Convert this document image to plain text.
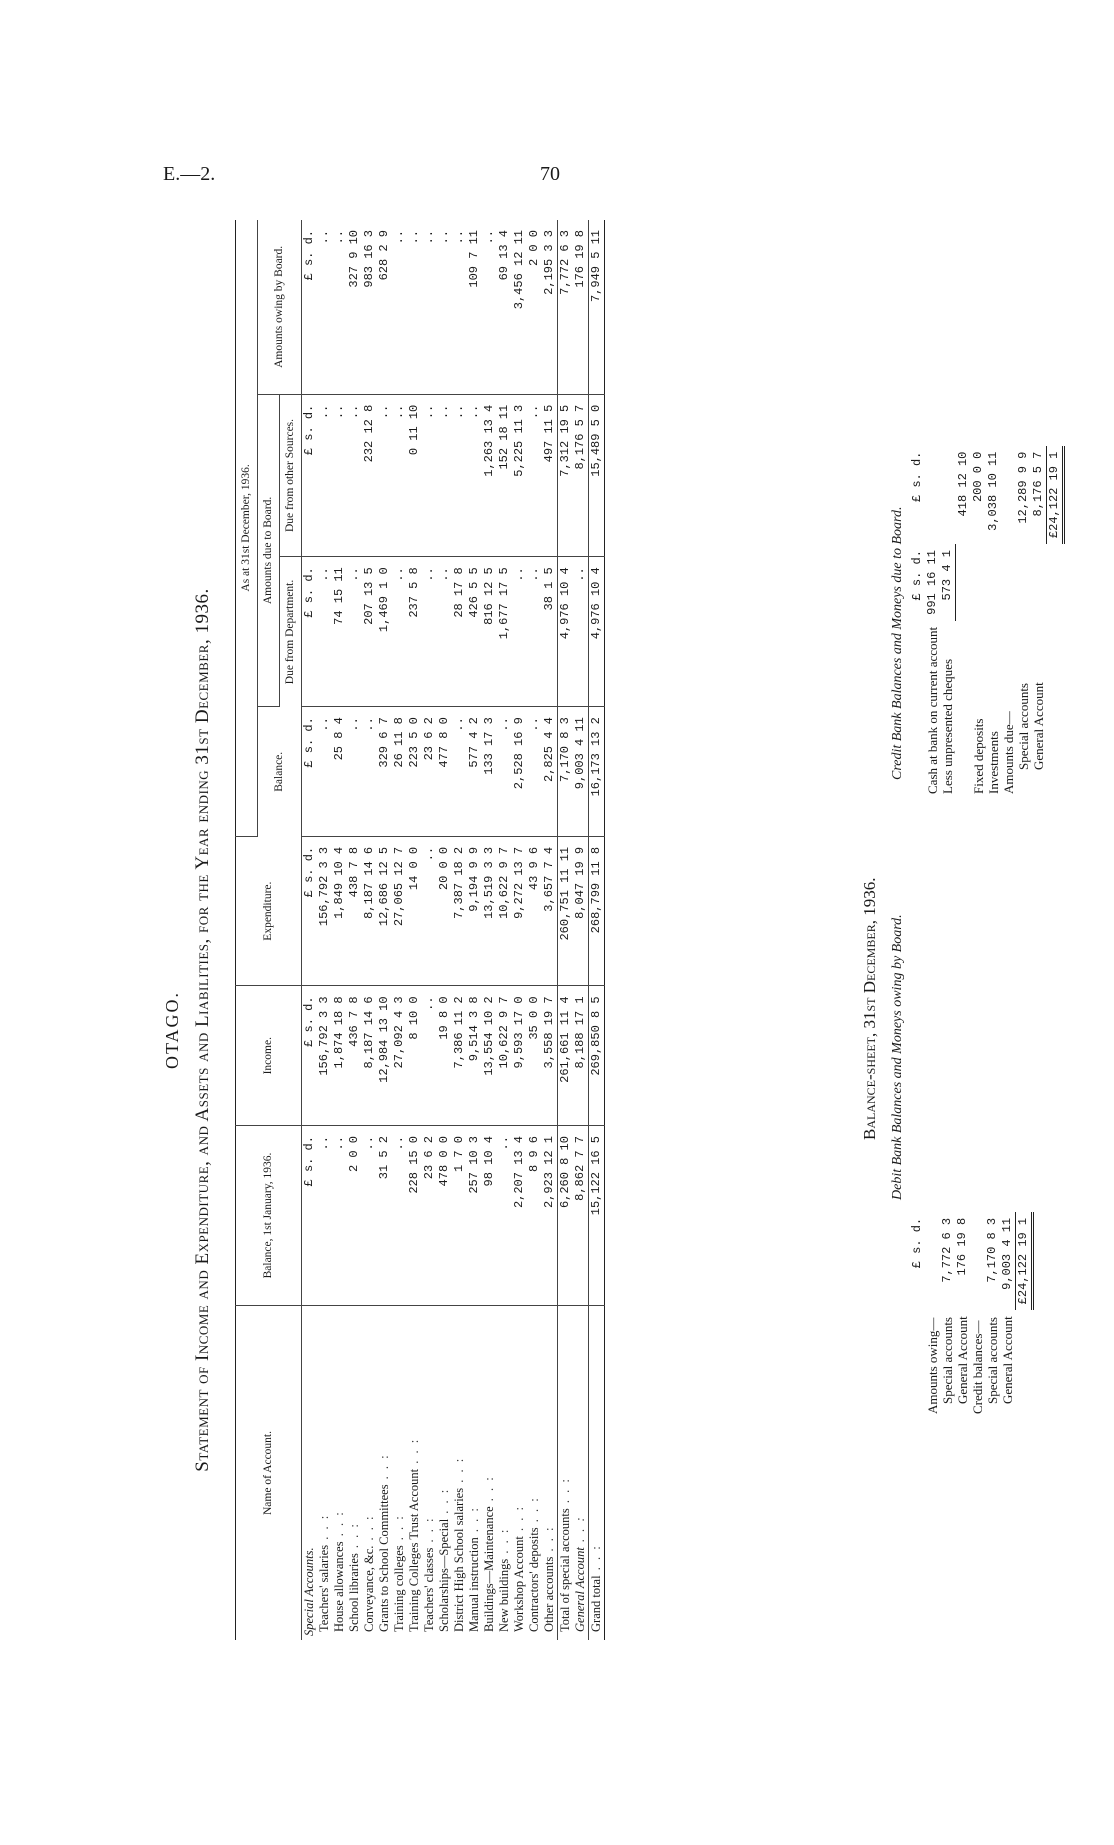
E.—2.	70
OTAGO. Statement of Income and Expenditure, and Assets and Liabilities, for the Year ending 31st December, 1936.
Name of Account.	Balance, 1st January, 1936.	Income.	Expenditure.	As at 31st December, 1936.			
				Balance.	Amounts due to Board.		Amounts owing by Board.
					Due from Department.	Due from other Sources.	
Special Accounts.	£ s. d.	£ s. d.	£ s. d.	£ s. d.	£ s. d.	£ s. d.	£ s. d.
Teachers' salaries . . :	..	156,792 3 3	156,792 3 3	..	..	..	..
House allowances . . :	..	1,874 18 8	1,849 10 4	25 8 4	74 15 11	..	..
School libraries . . :	2 0 0	436 7 8	438 7 8	..	..	..	327 9 10
Conveyance, &c. . . :	..	8,187 14 6	8,187 14 6	..	207 13 5	232 12 8	983 16 3
Grants to School Committees . . :	31 5 2	12,984 13 10	12,686 12 5	329 6 7	1,469 1 0	..	628 2 9
Training colleges . . :	..	27,092 4 3	27,065 12 7	26 11 8	..	..	..
Training Colleges Trust Account . . :	228 15 0	8 10 0	14 0 0	223 5 0	237 5 8	0 11 10	..
Teachers' classes . . :	23 6 2	..	..	23 6 2	..	..	..
Scholarships—Special . . :	478 0 0	19 8 0	20 0 0	477 8 0	..	..	..
District High School salaries . . :	1 7 0	7,386 11 2	7,387 18 2	..	28 17 8	..	..
Manual instruction . . :	257 10 3	9,514 3 8	9,194 9 9	577 4 2	426 5 5	..	109 7 11
Buildings—Maintenance . . :	98 10 4	13,554 10 2	13,519 3 3	133 17 3	816 12 5	1,263 13 4	..
New buildings . . :	..	10,622 9 7	10,622 9 7	..	1,677 17 5	152 18 11	69 13 4
Workshop Account . . :	2,207 13 4	9,593 17 0	9,272 13 7	2,528 16 9	..	5,225 11 3	3,456 12 11
Contractors' deposits . . :	8 9 6	35 0 0	43 9 6	..	..	..	2 0 0
Other accounts . . :	2,923 12 1	3,558 19 7	3,657 7 4	2,825 4 4	38 1 5	497 11 5	2,195 3 3
Total of special accounts . . :	6,260 8 10	261,661 11 4	260,751 11 11	7,170 8 3	4,976 10 4	7,312 19 5	7,772 6 3
General Account . . :	8,862 7 7	8,188 17 1	8,047 19 9	9,003 4 11	..	8,176 5 7	176 19 8
Grand total . . :	15,122 16 5	269,850 8 5	268,799 11 8	16,173 13 2	4,976 10 4	15,489 5 0	7,949 5 11
Balance-sheet, 31st December, 1936. Debit Bank Balances and Moneys owing by Board.
Credit Bank Balances and Moneys due to Board.
	£ s. d.
Amounts owing—	
Special accounts	7,772 6 3
General Account	176 19 8
Credit balances—	
Special accounts	7,170 8 3
General Account	9,003 4 11
	£24,122 19 1
	£ s. d.	£ s. d.
Cash at bank on current account	991 16 11	
Less unpresented cheques	573 4 1	
		418 12 10
Fixed deposits		200 0 0
Investments		3,038 10 11
Amounts due—		
Special accounts		12,289 9 9
General Account		8,176 5 7
		£24,122 19 1
